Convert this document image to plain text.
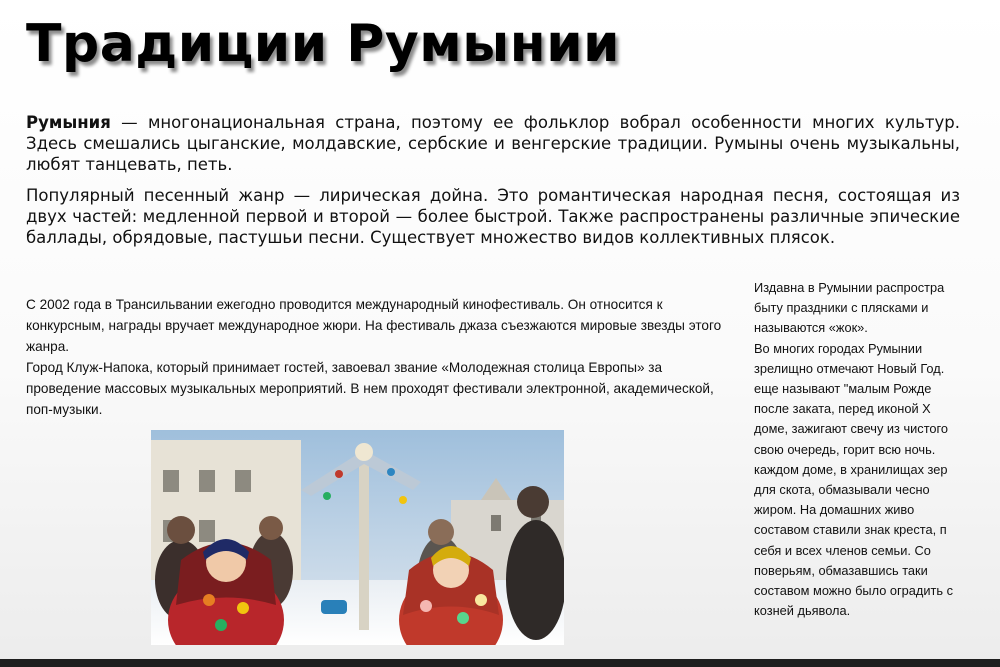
Традиции Румынии

Румыния — многонациональная страна, поэтому ее фольклор вобрал особенности многих культур. Здесь смешались цыганские, молдавские, сербские и венгерские традиции. Румыны очень музыкальны, любят танцевать, петь.

Популярный песенный жанр — лирическая дойна. Это романтическая народная песня, состоящая из двух частей: медленной первой и второй — более быстрой. Также распространены различные эпические баллады, обрядовые, пастушьи песни. Существует множество видов коллективных плясок.

С 2002 года в Трансильвании ежегодно проводится международный кинофестиваль. Он относится к конкурсным, награды вручает международное жюри. На фестиваль джаза съезжаются мировые звезды этого жанра.

Город Клуж-Напока, который принимает гостей, завоевал звание «Молодежная столица Европы» за проведение массовых музыкальных мероприятий. В нем проходят фестивали электронной, академической, поп-музыки.

Издавна в Румынии распростра
быту праздники с плясками и
называются «жок».
Во многих городах Румынии
зрелищно отмечают Новый Год.
еще называют "малым Рожде
после заката, перед иконой Х
доме, зажигают свечу из чистого
свою очередь, горит всю ночь.
каждом доме, в хранилищах зер
для скота, обмазывали чесно
жиром. На домашних живо
составом ставили знак креста, п
себя и всех членов семьи. Со
поверьям, обмазавшись таки
составом можно было оградить с
козней дьявола.
